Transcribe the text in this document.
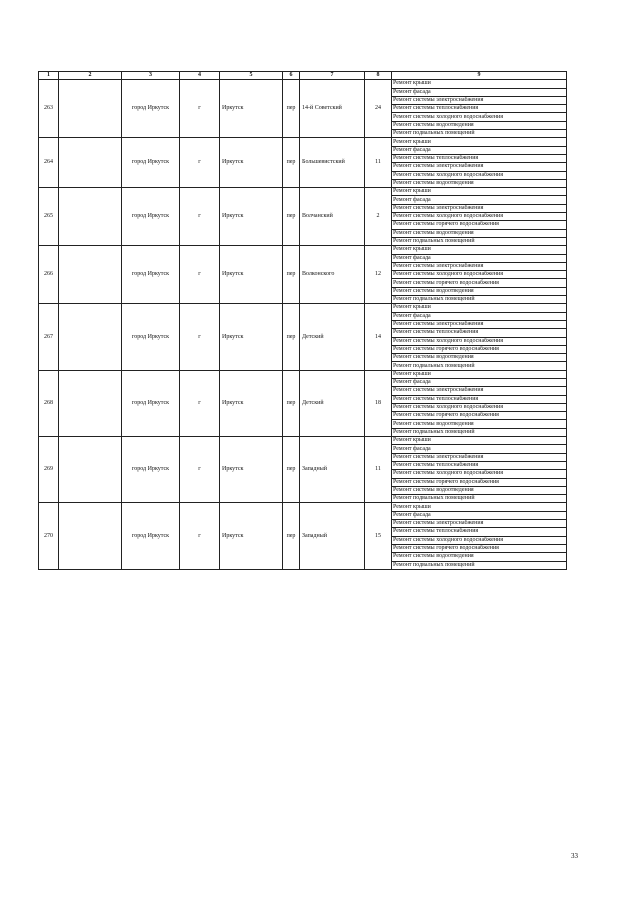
1	2	3	4	5	6	7	8	9
263		город Иркутск	г	Иркутск	пер	14-й Советский	24	Ремонт крыши
								Ремонт фасада
								Ремонт системы электроснабжения
								Ремонт системы теплоснабжения
								Ремонт системы холодного водоснабжения
								Ремонт системы водоотведения
								Ремонт подвальных помещений
264		город Иркутск	г	Иркутск	пер	Большевистский	11	Ремонт крыши
								Ремонт фасада
								Ремонт системы теплоснабжения
								Ремонт системы электроснабжения
								Ремонт системы холодного водоснабжения
								Ремонт системы водоотведения
265		город Иркутск	г	Иркутск	пер	Волчанский	2	Ремонт крыши
								Ремонт фасада
								Ремонт системы электроснабжения
								Ремонт системы холодного водоснабжения
								Ремонт системы горячего водоснабжения
								Ремонт системы водоотведения
								Ремонт подвальных помещений
266		город Иркутск	г	Иркутск	пер	Волконского	12	Ремонт крыши
								Ремонт фасада
								Ремонт системы электроснабжения
								Ремонт системы холодного водоснабжения
								Ремонт системы горячего водоснабжения
								Ремонт системы водоотведения
								Ремонт подвальных помещений
267		город Иркутск	г	Иркутск	пер	Детский	14	Ремонт крыши
								Ремонт фасада
								Ремонт системы электроснабжения
								Ремонт системы теплоснабжения
								Ремонт системы холодного водоснабжения
								Ремонт системы горячего водоснабжения
								Ремонт системы водоотведения
								Ремонт подвальных помещений
268		город Иркутск	г	Иркутск	пер	Детский	18	Ремонт крыши
								Ремонт фасада
								Ремонт системы электроснабжения
								Ремонт системы теплоснабжения
								Ремонт системы холодного водоснабжения
								Ремонт системы горячего водоснабжения
								Ремонт системы водоотведения
								Ремонт подвальных помещений
269		город Иркутск	г	Иркутск	пер	Западный	11	Ремонт крыши
								Ремонт фасада
								Ремонт системы электроснабжения
								Ремонт системы теплоснабжения
								Ремонт системы холодного водоснабжения
								Ремонт системы горячего водоснабжения
								Ремонт системы водоотведения
								Ремонт подвальных помещений
270		город Иркутск	г	Иркутск	пер	Западный	15	Ремонт крыши
								Ремонт фасада
								Ремонт системы электроснабжения
								Ремонт системы теплоснабжения
								Ремонт системы холодного водоснабжения
								Ремонт системы горячего водоснабжения
								Ремонт системы водоотведения
								Ремонт подвальных помещений
33
